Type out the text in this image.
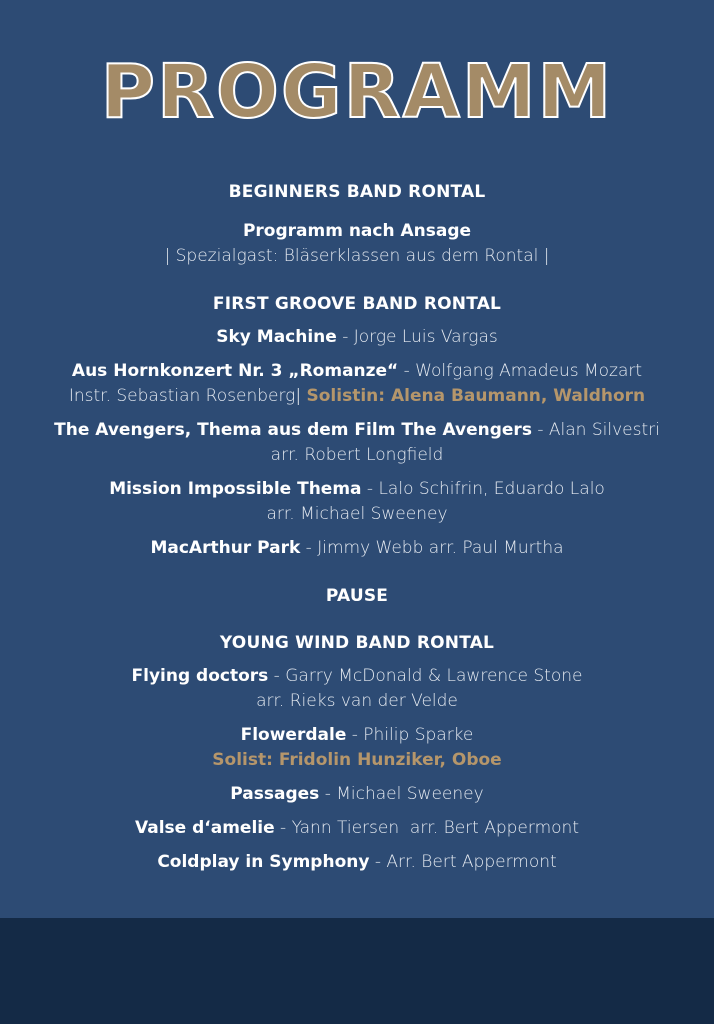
PROGRAMM
BEGINNERS BAND RONTAL
Programm nach Ansage
| Spezialgast: Bläserklassen aus dem Rontal |
FIRST GROOVE BAND RONTAL
Sky Machine - Jorge Luis Vargas
Aus Hornkonzert Nr. 3 „Romanze“ - Wolfgang Amadeus Mozart
Instr. Sebastian Rosenberg| Solistin: Alena Baumann, Waldhorn
The Avengers, Thema aus dem Film The Avengers - Alan Silvestri
arr. Robert Longfield
Mission Impossible Thema - Lalo Schifrin, Eduardo Lalo
arr. Michael Sweeney
MacArthur Park - Jimmy Webb arr. Paul Murtha
PAUSE
YOUNG WIND BAND RONTAL
Flying doctors - Garry McDonald & Lawrence Stone
arr. Rieks van der Velde
Flowerdale - Philip Sparke
Solist: Fridolin Hunziker, Oboe
Passages - Michael Sweeney
Valse d‘amelie - Yann Tiersen  arr. Bert Appermont
Coldplay in Symphony - Arr. Bert Appermont
